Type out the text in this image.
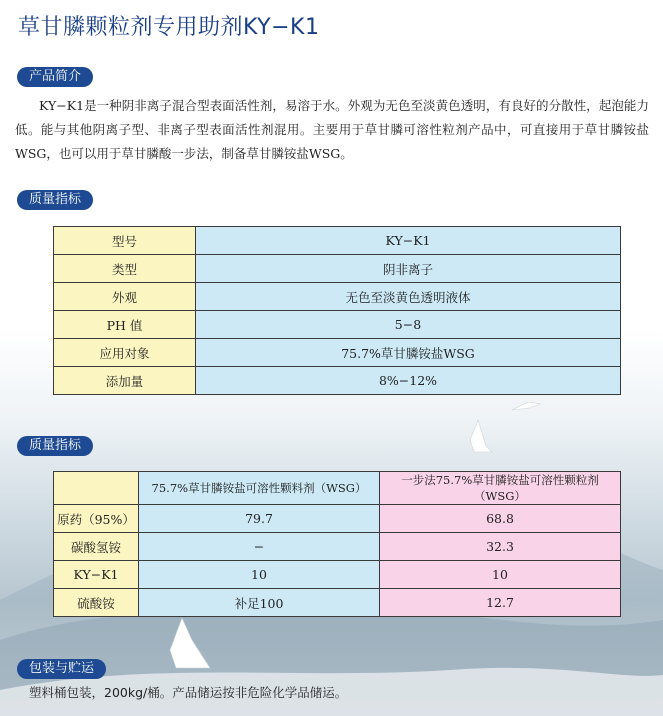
草甘膦颗粒剂专用助剂KY−K1
产品简介
KY−K1是一种阴非离子混合型表面活性剂，易溶于水。外观为无色至淡黄色透明，有良好的分散性，起泡能力低。能与其他阴离子型、非离子型表面活性剂混用。主要用于草甘膦可溶性粒剂产品中，可直接用于草甘膦铵盐WSG，也可以用于草甘膦酸一步法，制备草甘膦铵盐WSG。
质量指标
型号	KY−K1
类型	阴非离子
外观	无色至淡黄色透明液体
PH 值	5−8
应用对象	75.7%草甘膦铵盐WSG
添加量	8%−12%
质量指标
	75.7%草甘膦铵盐可溶性颗料剂（WSG）	一步法75.7%草甘膦铵盐可溶性颗粒剂（WSG）
原药（95%）	79.7	68.8
碳酸氢铵	−	32.3
KY−K1	10	10
硫酸铵	补足100	12.7
包装与贮运
塑料桶包装，200kg/桶。产品储运按非危险化学品储运。
